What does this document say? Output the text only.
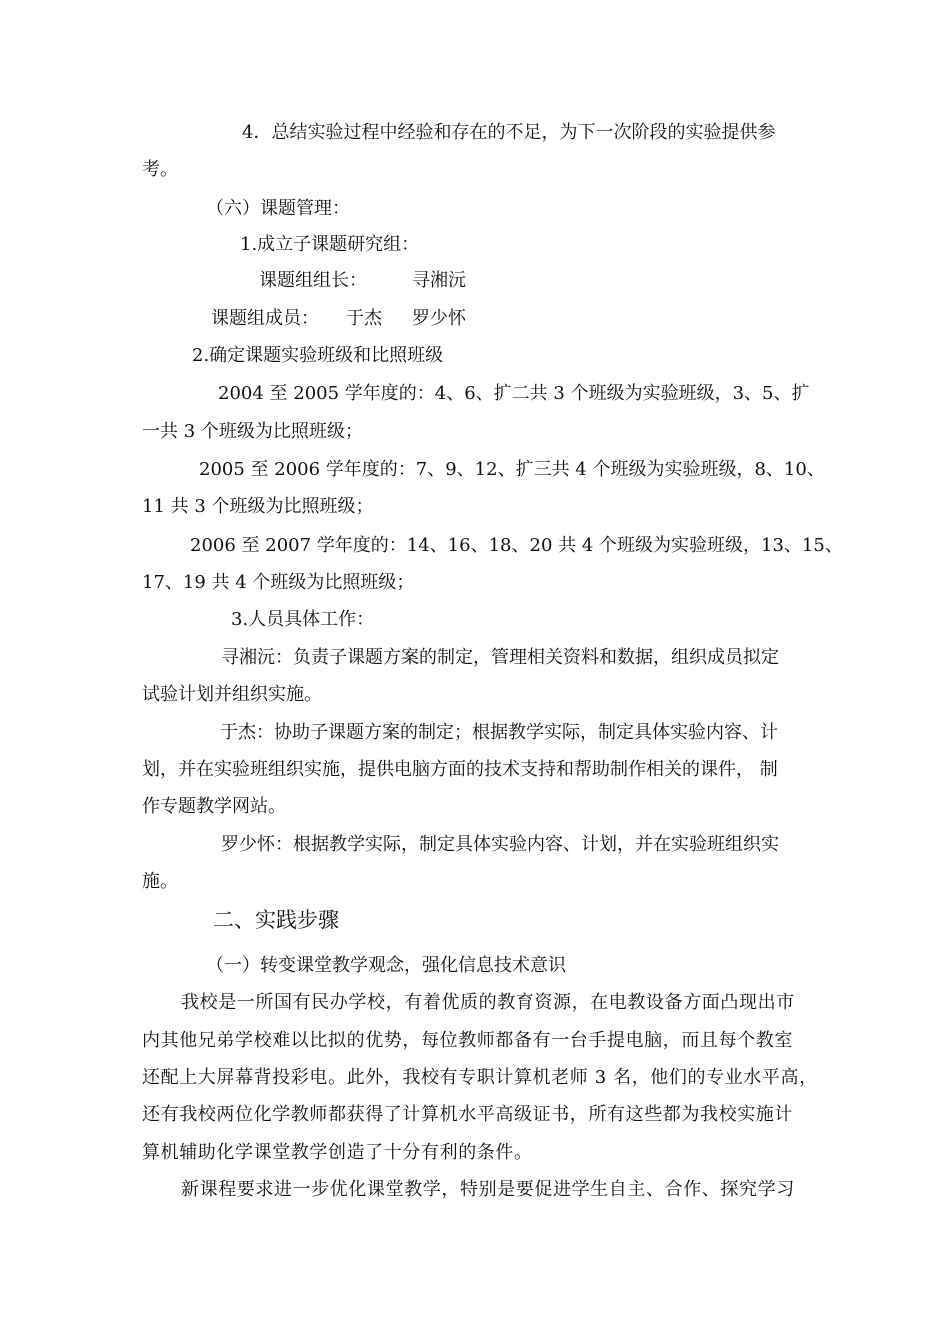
4．总结实验过程中经验和存在的不足，为下一次阶段的实验提供参
考。
（六）课题管理：
1.成立子课题研究组：
课题组组长：	寻湘沅
课题组成员： 于杰 罗少怀
2.确定课题实验班级和比照班级
2004 至 2005 学年度的：4、6、扩二共 3 个班级为实验班级，3、5、扩
一共 3 个班级为比照班级；
2005 至 2006 学年度的：7、9、12、扩三共 4 个班级为实验班级，8、10、
11 共 3 个班级为比照班级；
2006 至 2007 学年度的：14、16、18、20 共 4 个班级为实验班级，13、15、
17、19 共 4 个班级为比照班级；
3.人员具体工作：
寻湘沅：负责子课题方案的制定，管理相关资料和数据，组织成员拟定
试验计划并组织实施。
于杰：协助子课题方案的制定；根据教学实际，制定具体实验内容、计
划，并在实验班组织实施，提供电脑方面的技术支持和帮助制作相关的课件， 制
作专题教学网站。
罗少怀：根据教学实际，制定具体实验内容、计划，并在实验班组织实
施。
二、实践步骤
（一）转变课堂教学观念，强化信息技术意识
我校是一所国有民办学校，有着优质的教育资源，在电教设备方面凸现出市
内其他兄弟学校难以比拟的优势，每位教师都备有一台手提电脑，而且每个教室
还配上大屏幕背投彩电。此外，我校有专职计算机老师 3 名，他们的专业水平高，
还有我校两位化学教师都获得了计算机水平高级证书，所有这些都为我校实施计
算机辅助化学课堂教学创造了十分有利的条件。
新课程要求进一步优化课堂教学，特别是要促进学生自主、合作、探究学习
